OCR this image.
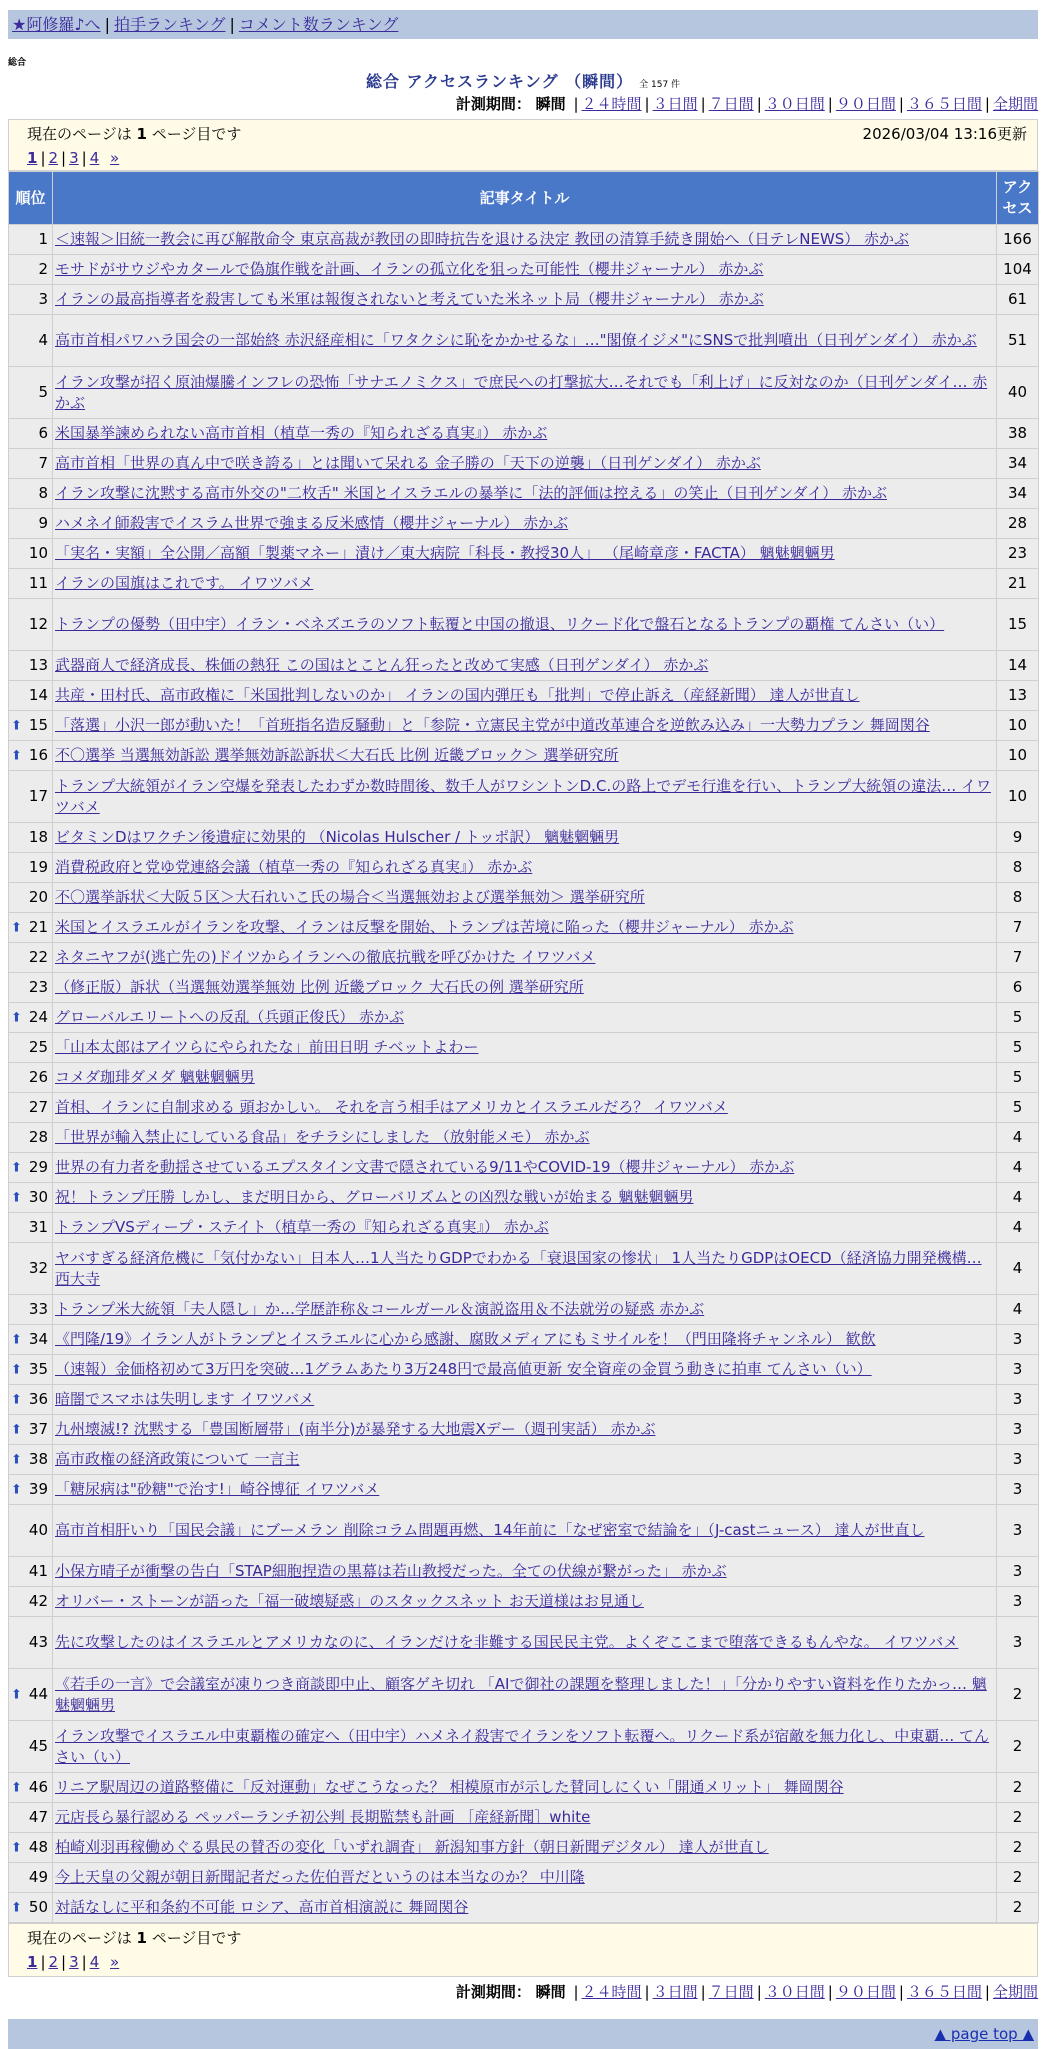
★阿修羅♪へ | 拍手ランキング | コメント数ランキング
総合
総合 アクセスランキング （瞬間） 全 157 件
計測期間： 瞬間 | ２４時間 | ３日間 | ７日間 | ３０日間 | ９０日間 | ３６５日間 | 全期間
現在のページは 1 ページ目です	2026/03/04 13:16更新
1 | 2 | 3 | 4 »
順位	記事タイトル	アクセス
1	＜速報＞旧統一教会に再び解散命令 東京高裁が教団の即時抗告を退ける決定 教団の清算手続き開始へ（日テレNEWS） 赤かぶ	166
2	モサドがサウジやカタールで偽旗作戦を計画、イランの孤立化を狙った可能性（櫻井ジャーナル） 赤かぶ	104
3	イランの最高指導者を殺害しても米軍は報復されないと考えていた米ネット局（櫻井ジャーナル） 赤かぶ	61
4	高市首相パワハラ国会の一部始終 赤沢経産相に「ワタクシに恥をかかせるな」…"閣僚イジメ"にSNSで批判噴出（日刊ゲンダイ） 赤かぶ	51
5	イラン攻撃が招く原油爆騰インフレの恐怖「サナエノミクス」で庶民への打撃拡大…それでも「利上げ」に反対なのか（日刊ゲンダイ… 赤かぶ	40
6	米国暴挙諫められない高市首相（植草一秀の『知られざる真実』） 赤かぶ	38
7	高市首相「世界の真ん中で咲き誇る」とは聞いて呆れる 金子勝の「天下の逆襲」（日刊ゲンダイ） 赤かぶ	34
8	イラン攻撃に沈黙する高市外交の"二枚舌" 米国とイスラエルの暴挙に「法的評価は控える」の笑止（日刊ゲンダイ） 赤かぶ	34
9	ハメネイ師殺害でイスラム世界で強まる反米感情（櫻井ジャーナル） 赤かぶ	28
10	「実名・実額」全公開／高額「製薬マネー」漬け／東大病院「科長・教授30人」 （尾崎章彦・FACTA） 魑魅魍魎男	23
11	イランの国旗はこれです。 イワツバメ	21
12	トランプの優勢（田中宇）イラン・ベネズエラのソフト転覆と中国の撤退、リクード化で盤石となるトランプの覇権 てんさい（い）	15
13	武器商人で経済成長、株価の熱狂 この国はとことん狂ったと改めて実感（日刊ゲンダイ） 赤かぶ	14
14	共産・田村氏、高市政権に「米国批判しないのか」 イランの国内弾圧も「批判」で停止訴え（産経新聞） 達人が世直し	13

⬆ 15	「落選」小沢一郎が動いた！「首班指名造反騒動」と「参院・立憲民主党が中道改革連合を逆飲み込み」一大勢力プラン 舞岡関谷	10

⬆ 16	不〇選挙 当選無効訴訟 選挙無効訴訟訴状＜大石氏 比例 近畿ブロック＞ 選挙研究所	10
17	トランプ大統領がイラン空爆を発表したわずか数時間後、数千人がワシントンD.C.の路上でデモ行進を行い、トランプ大統領の違法… イワツバメ	10
18	ビタミンDはワクチン後遺症に効果的 （Nicolas Hulscher / トッポ訳） 魑魅魍魎男	9
19	消費税政府と党ゆ党連絡会議（植草一秀の『知られざる真実』） 赤かぶ	8
20	不〇選挙訴状＜大阪５区＞大石れいこ氏の場合＜当選無効および選挙無効＞ 選挙研究所	8

⬆ 21	米国とイスラエルがイランを攻撃、イランは反撃を開始、トランプは苦境に陥った（櫻井ジャーナル） 赤かぶ	7
22	ネタニヤフが(逃亡先の)ドイツからイランへの徹底抗戦を呼びかけた イワツバメ	7
23	（修正版）訴状（当選無効選挙無効 比例 近畿ブロック 大石氏の例 選挙研究所	6

⬆ 24	グローバルエリートへの反乱（兵頭正俊氏） 赤かぶ	5
25	「山本太郎はアイツらにやられたな」前田日明 チベットよわー	5
26	コメダ珈琲ダメダ 魑魅魍魎男	5
27	首相、イランに自制求める 頭おかしい。 それを言う相手はアメリカとイスラエルだろ？ イワツバメ	5
28	「世界が輸入禁止にしている食品」をチラシにしました （放射能メモ） 赤かぶ	4

⬆ 29	世界の有力者を動揺させているエプスタイン文書で隠されている9/11やCOVID-19（櫻井ジャーナル） 赤かぶ	4

⬆ 30	祝！トランプ圧勝 しかし、まだ明日から、グローバリズムとの凶烈な戦いが始まる 魑魅魍魎男	4
31	トランプVSディープ・ステイト（植草一秀の『知られざる真実』） 赤かぶ	4
32	ヤバすぎる経済危機に「気付かない」日本人…1人当たりGDPでわかる「衰退国家の惨状」 1人当たりGDPはOECD（経済協力開発機構… 西大寺	4
33	トランプ米大統領「夫人隠し」か…学歴詐称＆コールガール＆演説盗用＆不法就労の疑惑 赤かぶ	4

⬆ 34	《門隆/19》イラン人がトランプとイスラエルに心から感謝、腐敗メディアにもミサイルを！（門田隆将チャンネル） 歓飲	3

⬆ 35	（速報）金価格初めて3万円を突破…1グラムあたり3万248円で最高値更新 安全資産の金買う動きに拍車 てんさい（い）	3

⬆ 36	暗闇でスマホは失明します イワツバメ	3

⬆ 37	九州壊滅!? 沈黙する「豊国断層帯」(南半分)が暴発する大地震Xデー（週刊実話） 赤かぶ	3

⬆ 38	高市政権の経済政策について 一言主	3

⬆ 39	「糖尿病は"砂糖"で治す!」崎谷博征 イワツバメ	3
40	高市首相肝いり「国民会議」にブーメラン 削除コラム問題再燃、14年前に「なぜ密室で結論を」（J-castニュース） 達人が世直し	3
41	小保方晴子が衝撃の告白「STAP細胞捏造の黒幕は若山教授だった。全ての伏線が繋がった」 赤かぶ	3
42	オリバー・ストーンが語った「福一破壊疑惑」のスタックスネット お天道様はお見通し	3
43	先に攻撃したのはイスラエルとアメリカなのに、イランだけを非難する国民民主党。よくぞここまで堕落できるもんやな。 イワツバメ	3

⬆ 44	《若手の一言》で会議室が凍りつき商談即中止、顧客ゲキ切れ 「AIで御社の課題を整理しました！」「分かりやすい資料を作りたかっ… 魑魅魍魎男	2
45	イラン攻撃でイスラエル中東覇権の確定へ（田中宇）ハメネイ殺害でイランをソフト転覆へ。リクード系が宿敵を無力化し、中東覇… てんさい（い）	2

⬆ 46	リニア駅周辺の道路整備に「反対運動」なぜこうなった？ 相模原市が示した賛同しにくい「開通メリット」 舞岡関谷	2
47	元店長ら暴行認める ペッパーランチ初公判 長期監禁も計画 ［産経新聞］white	2

⬆ 48	柏崎刈羽再稼働めぐる県民の賛否の変化「いずれ調査」 新潟知事方針（朝日新聞デジタル） 達人が世直し	2
49	今上天皇の父親が朝日新聞記者だった佐伯晋だというのは本当なのか？ 中川隆	2

⬆ 50	対話なしに平和条約不可能 ロシア、高市首相演説に 舞岡関谷	2
現在のページは 1 ページ目です
1 | 2 | 3 | 4 »
計測期間： 瞬間 | ２４時間 | ３日間 | ７日間 | ３０日間 | ９０日間 | ３６５日間 | 全期間
▲ page top ▲
